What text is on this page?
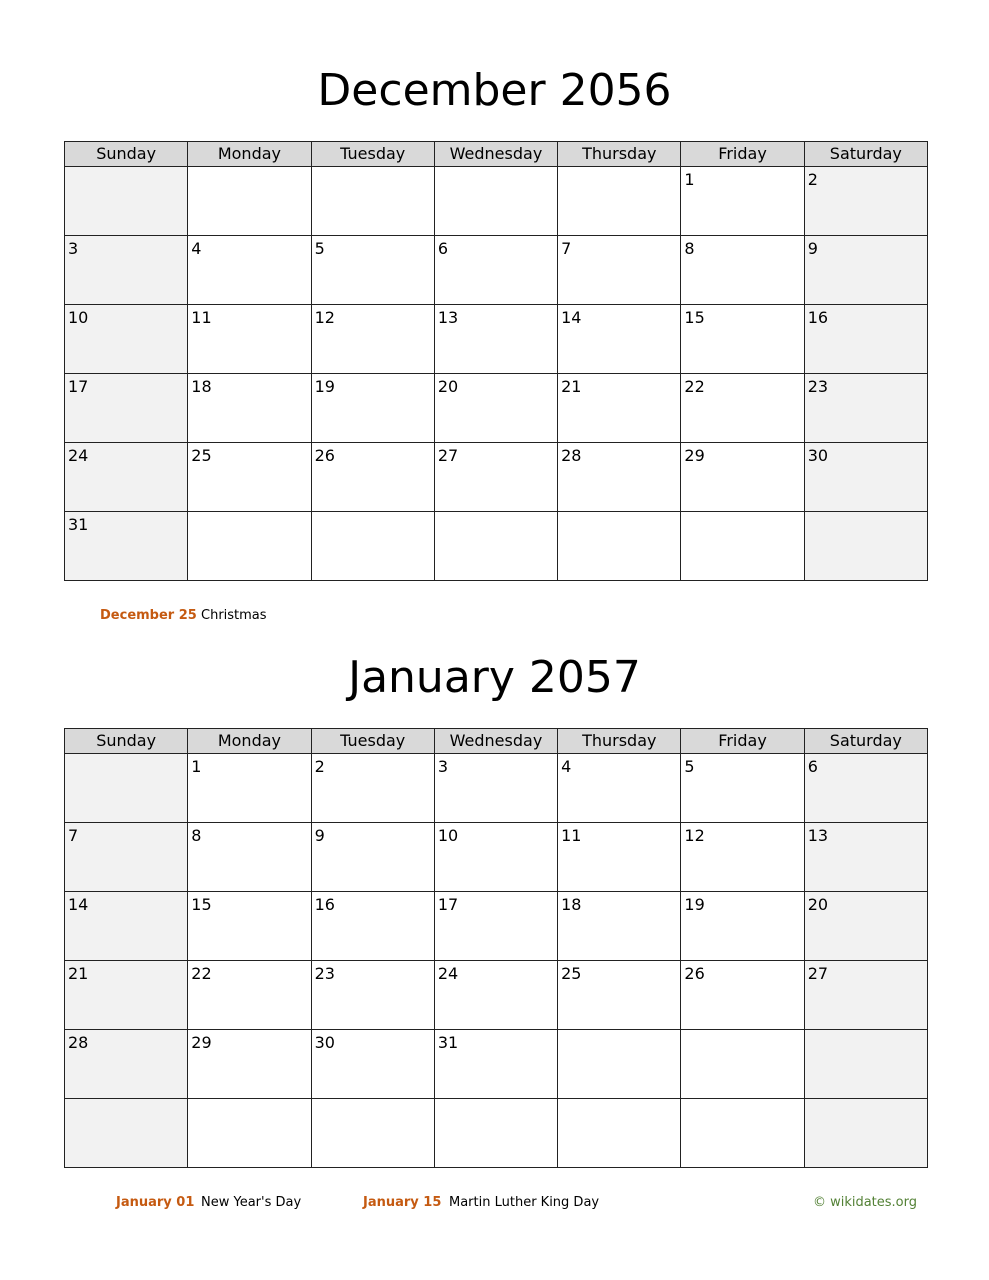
December 2056
Sunday	Monday	Tuesday	Wednesday	Thursday	Friday	Saturday
					1	2
3	4	5	6	7	8	9
10	11	12	13	14	15	16
17	18	19	20	21	22	23
24	25	26	27	28	29	30
31						
December 25 Christmas
January 2057
Sunday	Monday	Tuesday	Wednesday	Thursday	Friday	Saturday
	1	2	3	4	5	6
7	8	9	10	11	12	13
14	15	16	17	18	19	20
21	22	23	24	25	26	27
28	29	30	31			

January 01 New Year's Day	January 15 Martin Luther King Day	© wikidates.org
